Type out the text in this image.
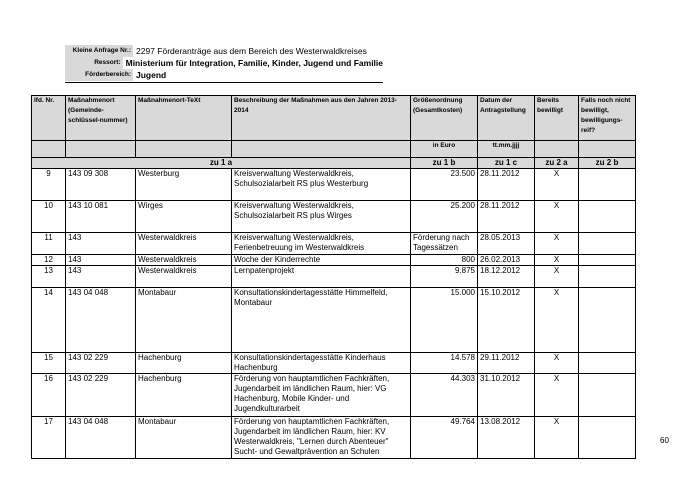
Kleine Anfrage Nr.: 2297 Förderanträge aus dem Bereich des Westerwaldkreises
Ressort: Ministerium für Integration, Familie, Kinder, Jugend und Familie
Förderbereich: Jugend
lfd. Nr.	Maßnahmenort (Gemeinde-schlüssel-nummer)	Maßnahmenort-TeXt	Beschreibung der Maßnahmen aus den Jahren 2013-2014	Größenordnung (Gesamtkosten)	Datum der Antragstellung	Bereits bewilligt	Falls noch nicht bewilligt, bewilligungs-reif?
				in Euro	tt.mm.jjjj		
zu 1 a				zu 1 b	zu 1 c	zu 2 a	zu 2 b
9	143 09 308	Westerburg	Kreisverwaltung Westerwaldkreis, Schulsozialarbeit RS plus Westerburg	23.500	28.11.2012	X	
10	143 10 081	Wirges	Kreisverwaltung Westerwaldkreis, Schulsozialarbeit RS plus Wirges	25.200	28.11.2012	X	
11	143	Westerwaldkreis	Kreisverwaltung Westerwaldkreis, Ferienbetreuung im Westerwaldkreis	Förderung nach Tagessätzen	28.05.2013	X	
12	143	Westerwaldkreis	Woche der Kinderrechte	800	26.02.2013	X	
13	143	Westerwaldkreis	Lernpatenprojekt	9.875	18.12.2012	X	
14	143 04 048	Montabaur	Konsultationskindertagesstätte Himmelfeld, Montabaur	15.000	15.10.2012	X	
15	143 02 229	Hachenburg	Konsultationskindertagesstätte Kinderhaus Hachenburg	14.578	29.11.2012	X	
16	143 02 229	Hachenburg	Förderung von hauptamtlichen Fachkräften, Jugendarbeit im ländlichen Raum, hier: VG Hachenburg, Mobile Kinder- und Jugendkulturarbeit	44.303	31.10.2012	X	
17	143 04 048	Montabaur	Förderung von hauptamtlichen Fachkräften, Jugendarbeit im ländlichen Raum, hier: KV Westerwaldkreis, "Lernen durch Abenteuer" Sucht- und Gewaltprävention an Schulen	49.764	13.08.2012	X	
60
